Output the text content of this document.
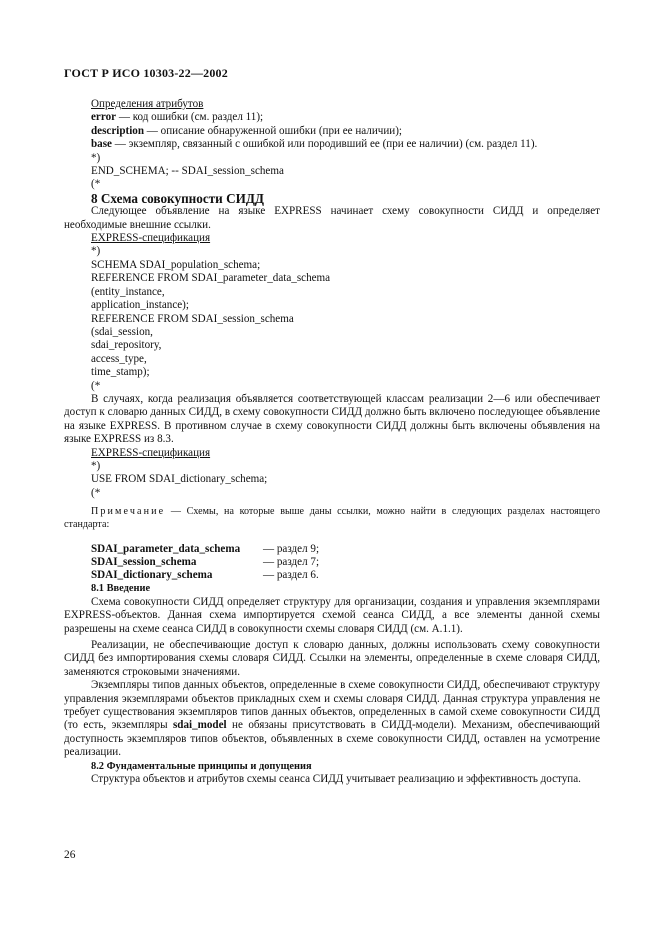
ГОСТ Р ИСО 10303-22—2002

Определения атрибутов

error — код ошибки (см. раздел 11);

description — описание обнаруженной ошибки (при ее наличии);

base — экземпляр, связанный с ошибкой или породивший ее (при ее наличии) (см. раздел 11).

*)

END_SCHEMA; -- SDAI_session_schema

(*

8 Схема совокупности СИДД

Следующее объявление на языке EXPRESS начинает схему совокупности СИДД и определяет необходимые внешние ссылки.

EXPRESS-спецификация

*)

SCHEMA SDAI_population_schema;

REFERENCE FROM SDAI_parameter_data_schema

(entity_instance,

application_instance);

REFERENCE FROM SDAI_session_schema

(sdai_session,

sdai_repository,

access_type,

time_stamp);

(*

В случаях, когда реализация объявляется соответствующей классам реализации 2—6 или обеспечивает доступ к словарю данных СИДД, в схему совокупности СИДД должно быть включено последующее объявление на языке EXPRESS. В противном случае в схему совокупности СИДД должны быть включены объявления на языке EXPRESS из 8.3.

EXPRESS-спецификация

*)

USE FROM SDAI_dictionary_schema;

(*

Примечание — Схемы, на которые выше даны ссылки, можно найти в следующих разделах настоящего стандарта:

SDAI_parameter_data_schema	— раздел 9;
SDAI_session_schema	— раздел 7;
SDAI_dictionary_schema	— раздел 6.

8.1 Введение

Схема совокупности СИДД определяет структуру для организации, создания и управления экземплярами EXPRESS-объектов. Данная схема импортируется схемой сеанса СИДД, а все элементы данной схемы разрешены на схеме сеанса СИДД в совокупности схемы словаря СИДД (см. А.1.1).

Реализации, не обеспечивающие доступ к словарю данных, должны использовать схему совокупности СИДД без импортирования схемы словаря СИДД. Ссылки на элементы, определенные в схеме словаря СИДД, заменяются строковыми значениями.

Экземпляры типов данных объектов, определенные в схеме совокупности СИДД, обеспечивают структуру управления экземплярами объектов прикладных схем и схемы словаря СИДД. Данная структура управления не требует существования экземпляров типов данных объектов, определенных в самой схеме совокупности СИДД (то есть, экземпляры sdai_model не обязаны присутствовать в СИДД-модели). Механизм, обеспечивающий доступность экземпляров типов объектов, объявленных в схеме совокупности СИДД, оставлен на усмотрение реализации.

8.2 Фундаментальные принципы и допущения

Структура объектов и атрибутов схемы сеанса СИДД учитывает реализацию и эффективность доступа.

26
